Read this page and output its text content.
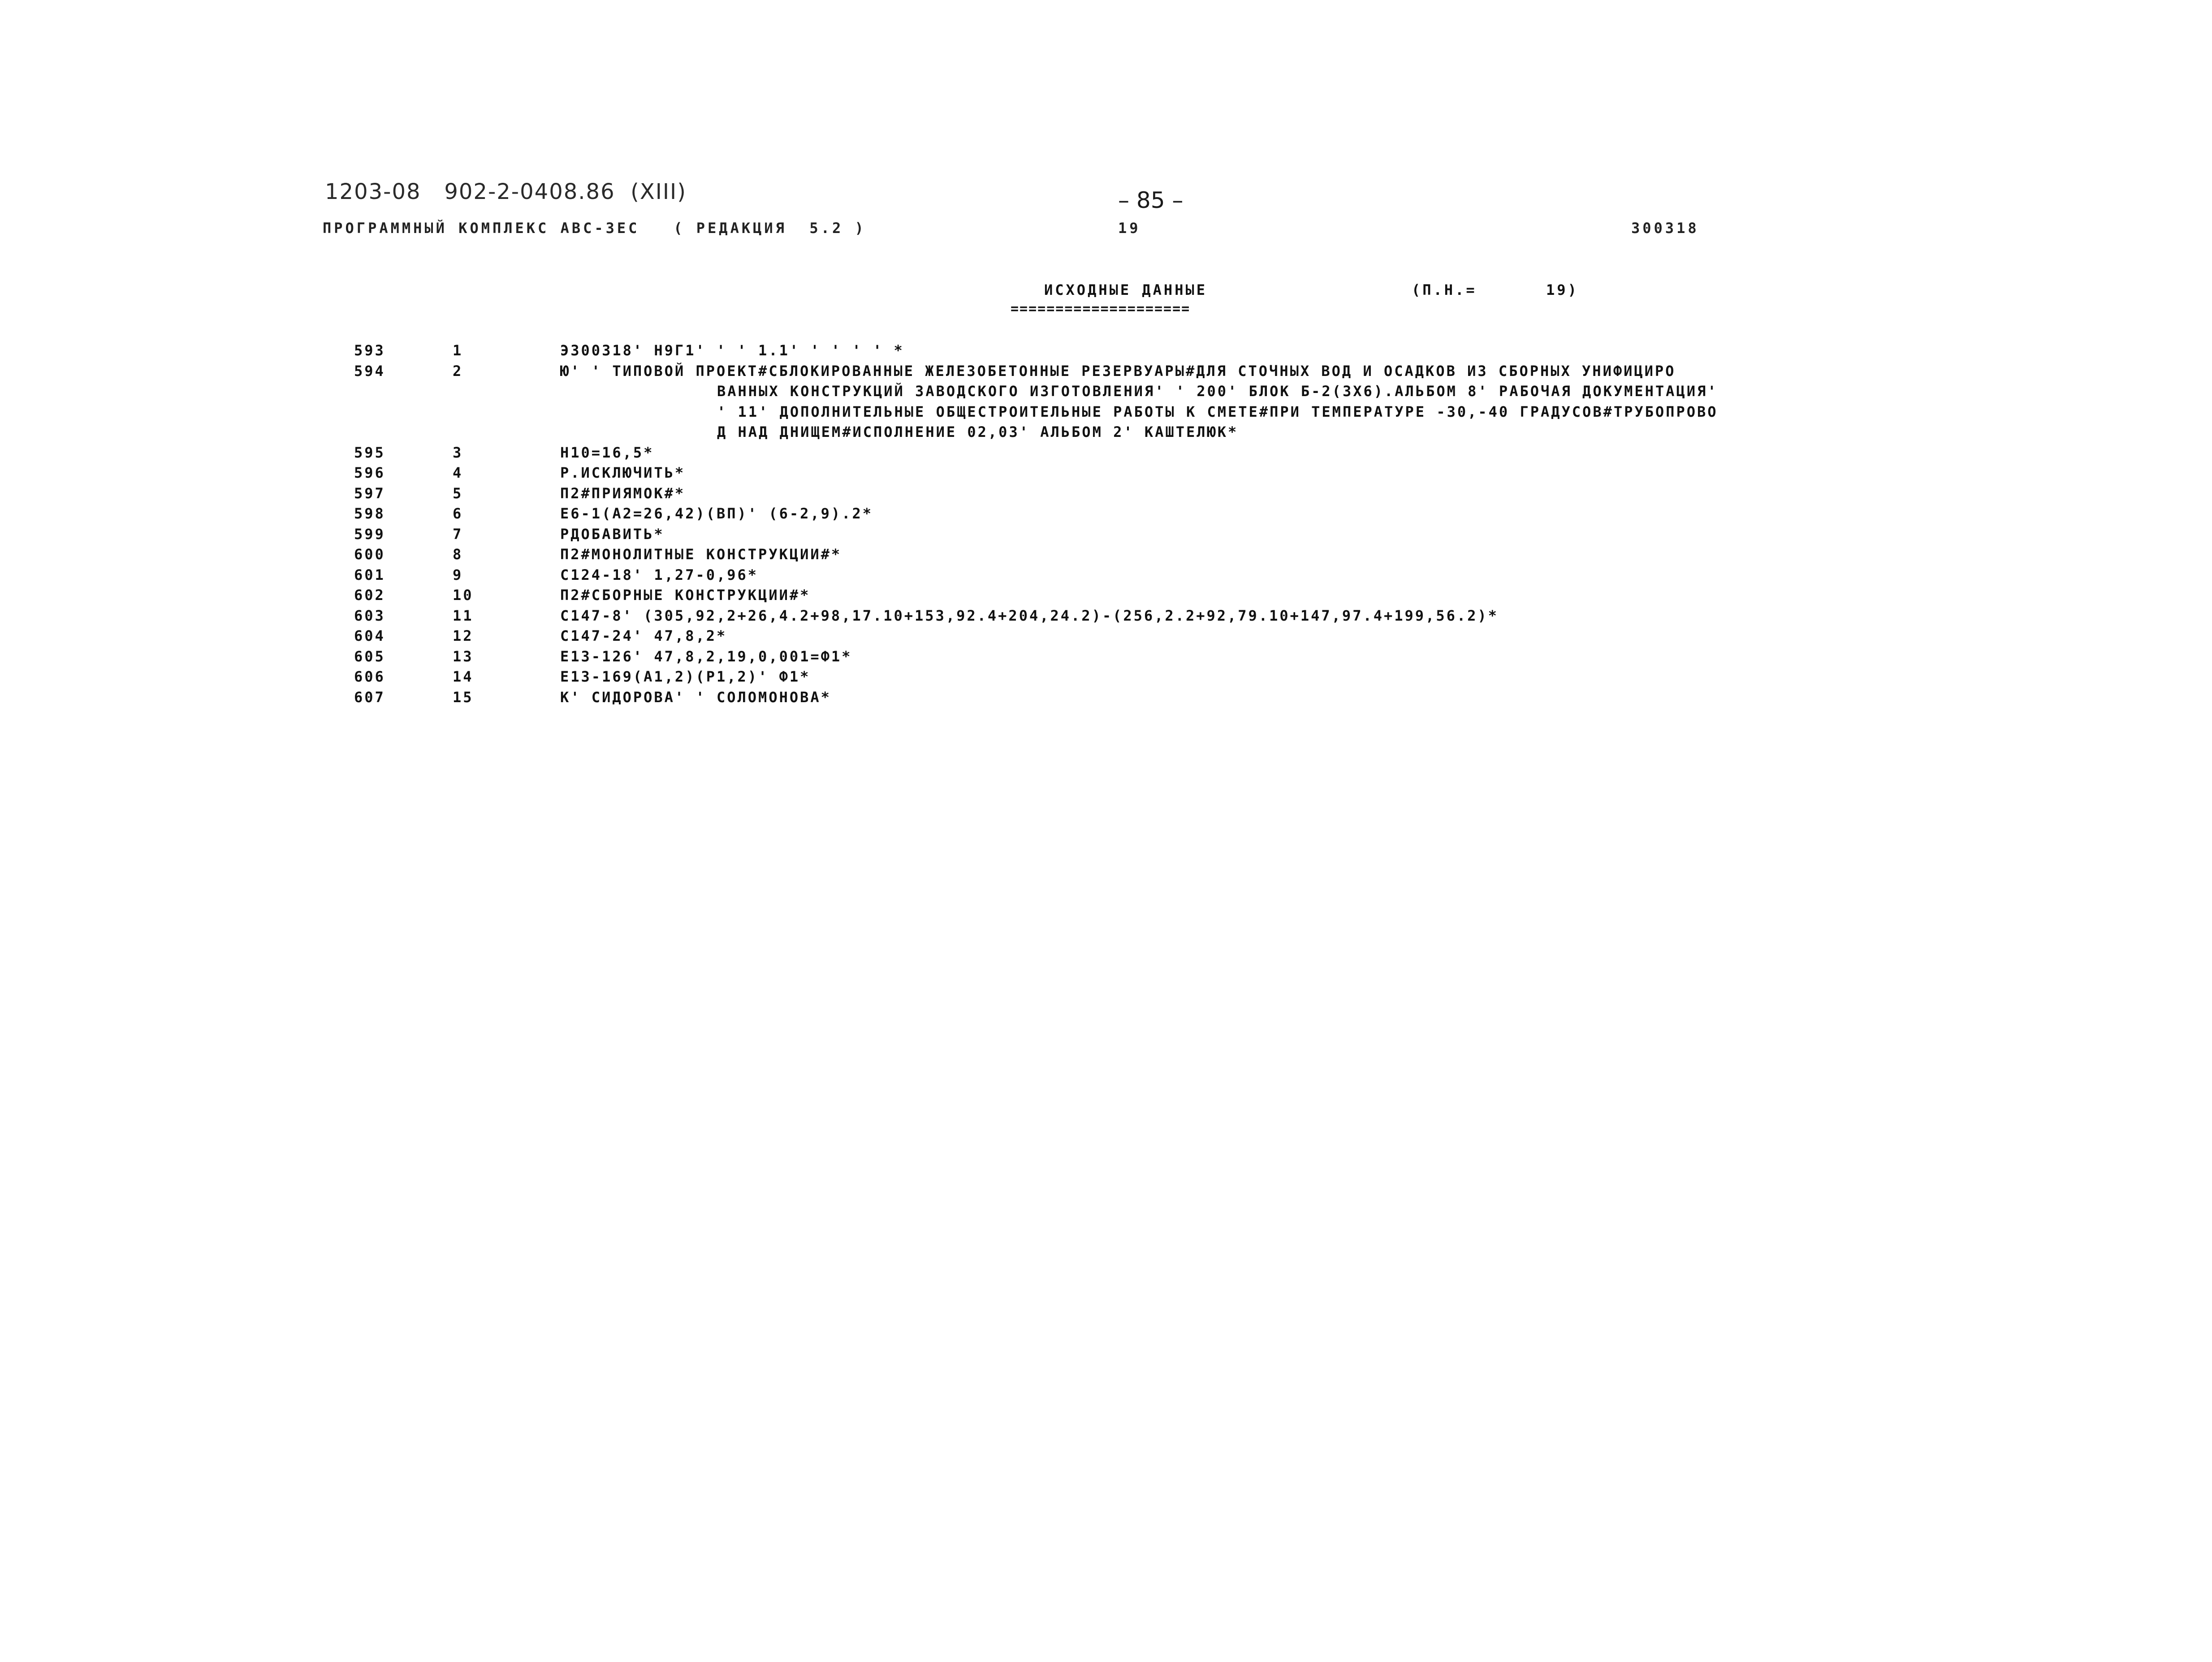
1203-08   902-2-0408.86  (XIII)	– 85 –
ПРОГРАММНЫЙ КОМПЛЕКС АВС-3ЕС   ( РЕДАКЦИЯ  5.2 )	19	300318
ИСХОДНЫЕ ДАННЫЕ
====================
(П.Н.=	19)
593	1	Э300318' Н9Г1' ' ' 1.1' ' ' ' ' *
594	2	Ю' ' ТИПОВОЙ ПРОЕКТ#СБЛОКИРОВАННЫЕ ЖЕЛЕЗОБЕТОННЫЕ РЕЗЕРВУАРЫ#ДЛЯ СТОЧНЫХ ВОД И ОСАДКОВ ИЗ СБОРНЫХ УНИФИЦИРО
ВАННЫХ КОНСТРУКЦИЙ ЗАВОДСКОГО ИЗГОТОВЛЕНИЯ' ' 200' БЛОК Б-2(3Х6).АЛЬБОМ 8' РАБОЧАЯ ДОКУМЕНТАЦИЯ'
' 11' ДОПОЛНИТЕЛЬНЫЕ ОБЩЕСТРОИТЕЛЬНЫЕ РАБОТЫ К СМЕТЕ#ПРИ ТЕМПЕРАТУРЕ -30,-40 ГРАДУСОВ#ТРУБОПРОВО
Д НАД ДНИЩЕМ#ИСПОЛНЕНИЕ 02,03' АЛЬБОМ 2' КАШТЕЛЮК*
595	3	Н10=16,5*
596	4	Р.ИСКЛЮЧИТЬ*
597	5	П2#ПРИЯМОК#*
598	6	Е6-1(А2=26,42)(ВП)' (6-2,9).2*
599	7	РДОБАВИТЬ*
600	8	П2#МОНОЛИТНЫЕ КОНСТРУКЦИИ#*
601	9	С124-18' 1,27-0,96*
602	10	П2#СБОРНЫЕ КОНСТРУКЦИИ#*
603	11	С147-8' (305,92,2+26,4.2+98,17.10+153,92.4+204,24.2)-(256,2.2+92,79.10+147,97.4+199,56.2)*
604	12	С147-24' 47,8,2*
605	13	Е13-126' 47,8,2,19,0,001=Ф1*
606	14	Е13-169(А1,2)(Р1,2)' Ф1*
607	15	К' СИДОРОВА' ' СОЛОМОНОВА*
